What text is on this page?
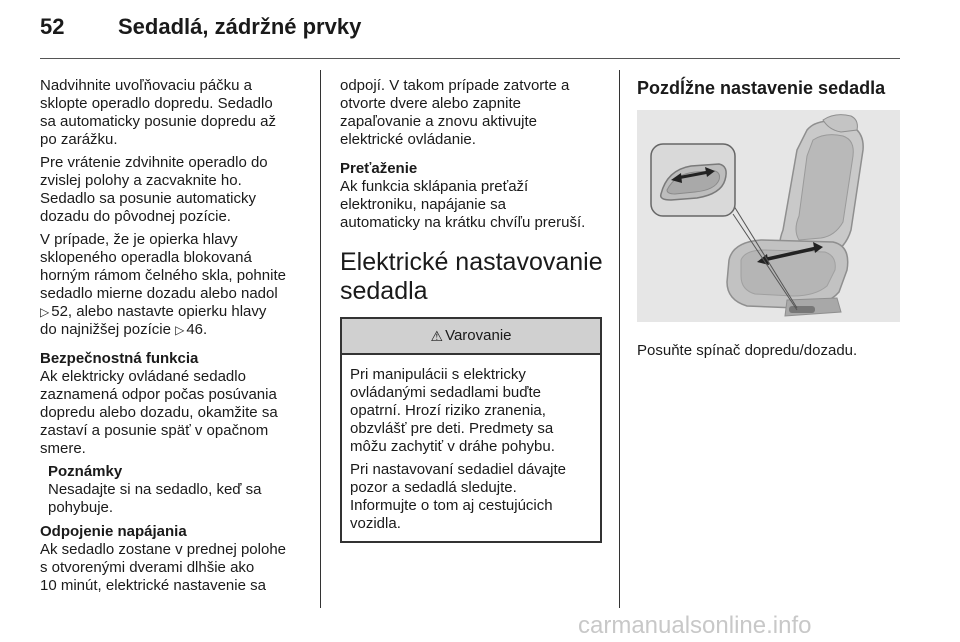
52	Sedadlá, zádržné prvky
Nadvihnite uvoľňovaciu páčku a
sklopte operadlo dopredu. Sedadlo
sa automaticky posunie dopredu až
po zarážku.
Pre vrátenie zdvihnite operadlo do
zvislej polohy a zacvaknite ho.
Sedadlo sa posunie automaticky
dozadu do pôvodnej pozície.
V prípade, že je opierka hlavy
sklopeného operadla blokovaná
horným rámom čelného skla, pohnite
sedadlo mierne dozadu alebo nadol
▷ 52, alebo nastavte opierku hlavy
do najnižšej pozície ▷ 46.
Bezpečnostná funkcia
Ak elektricky ovládané sedadlo
zaznamená odpor počas posúvania
dopredu alebo dozadu, okamžite sa
zastaví a posunie späť v opačnom
smere.
Poznámky
Nesadajte si na sedadlo, keď sa
pohybuje.
Odpojenie napájania
Ak sedadlo zostane v prednej polohe
s otvorenými dverami dlhšie ako
10 minút, elektrické nastavenie sa
odpojí. V takom prípade zatvorte a
otvorte dvere alebo zapnite
zapaľovanie a znovu aktivujte
elektrické ovládanie.
Preťaženie
Ak funkcia sklápania preťaží
elektroniku, napájanie sa
automaticky na krátku chvíľu preruší.
Elektrické nastavovanie
sedadla
⚠ Varovanie
Pri manipulácii s elektricky
ovládanými sedadlami buďte
opatrní. Hrozí riziko zranenia,
obzvlášť pre deti. Predmety sa
môžu zachytiť v dráhe pohybu.
Pri nastavovaní sedadiel dávajte
pozor a sedadlá sledujte.
Informujte o tom aj cestujúcich
vozidla.
Pozdĺžne nastavenie sedadla
Posuňte spínač dopredu/dozadu.
carmanualsonline.info
